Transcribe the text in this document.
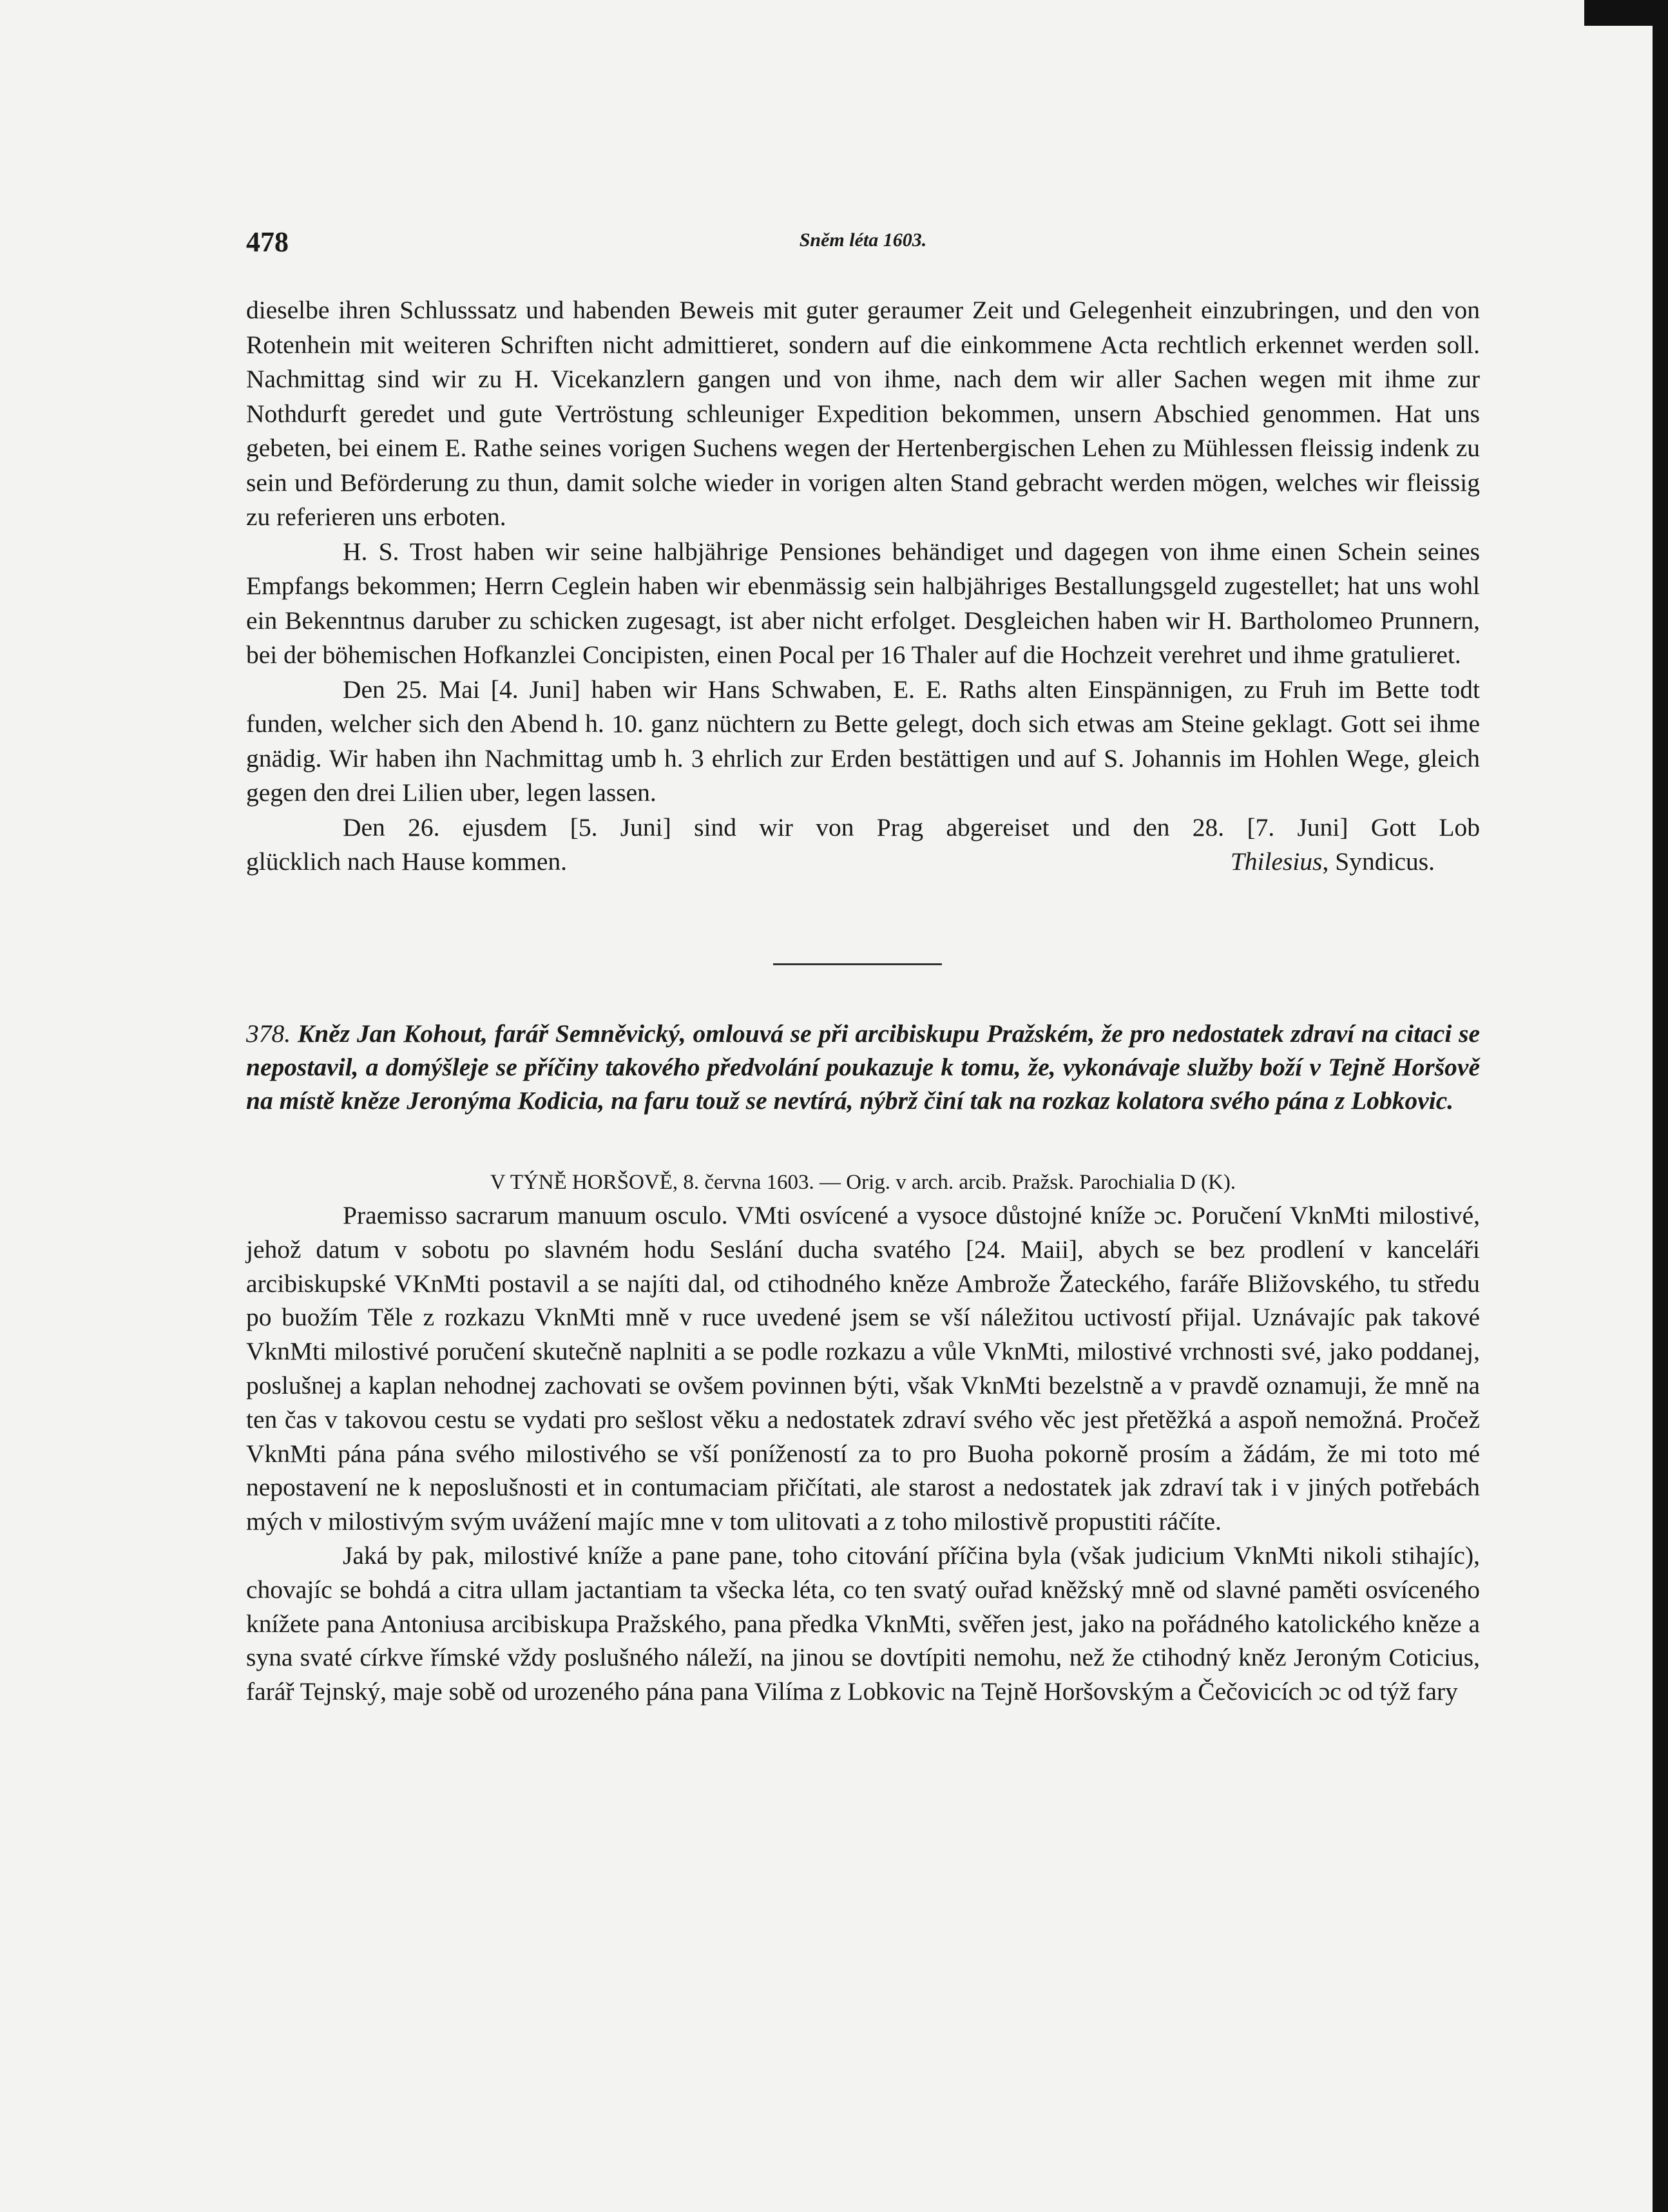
478	Sněm léta 1603.

dieselbe ihren Schlusssatz und habenden Beweis mit guter geraumer Zeit und Gelegenheit einzubringen, und den von Rotenhein mit weiteren Schriften nicht admittieret, sondern auf die einkommene Acta rechtlich erkennet werden soll. Nachmittag sind wir zu H. Vicekanzlern gangen und von ihme, nach dem wir aller Sachen wegen mit ihme zur Nothdurft geredet und gute Vertröstung schleuniger Expedition bekommen, unsern Abschied genommen. Hat uns gebeten, bei einem E. Rathe seines vorigen Suchens wegen der Hertenbergischen Lehen zu Mühlessen fleissig indenk zu sein und Beförderung zu thun, damit solche wieder in vorigen alten Stand gebracht werden mögen, welches wir fleissig zu referieren uns erboten.

H. S. Trost haben wir seine halbjährige Pensiones behändiget und dagegen von ihme einen Schein seines Empfangs bekommen; Herrn Ceglein haben wir ebenmässig sein halbjähriges Bestallungsgeld zugestellet; hat uns wohl ein Bekenntnus daruber zu schicken zugesagt, ist aber nicht erfolget. Desgleichen haben wir H. Bartholomeo Prunnern, bei der böhemischen Hofkanzlei Concipisten, einen Pocal per 16 Thaler auf die Hochzeit verehret und ihme gratulieret.

Den 25. Mai [4. Juni] haben wir Hans Schwaben, E. E. Raths alten Einspännigen, zu Fruh im Bette todt funden, welcher sich den Abend h. 10. ganz nüchtern zu Bette gelegt, doch sich etwas am Steine geklagt. Gott sei ihme gnädig. Wir haben ihn Nachmittag umb h. 3 ehrlich zur Erden bestättigen und auf S. Johannis im Hohlen Wege, gleich gegen den drei Lilien uber, legen lassen.

Den 26. ejusdem [5. Juni] sind wir von Prag abgereiset und den 28. [7. Juni] Gott Lob

glücklich nach Hause kommen.	Thilesius, Syndicus.
378. Kněz Jan Kohout, farář Semněvický, omlouvá se při arcibiskupu Pražském, že pro nedostatek zdraví na citaci se nepostavil, a domýšleje se příčiny takového předvolání poukazuje k tomu, že, vykonávaje služby boží v Tejně Horšově na místě kněze Jeronýma Kodicia, na faru touž se nevtírá, nýbrž činí tak na rozkaz kolatora svého pána z Lobkovic.
V TÝNĚ HORŠOVĚ, 8. června 1603. — Orig. v arch. arcib. Pražsk. Parochialia D (K).

Praemisso sacrarum manuum osculo. VMti osvícené a vysoce důstojné kníže ɔc. Poručení VknMti milostivé, jehož datum v sobotu po slavném hodu Seslání ducha svatého [24. Maii], abych se bez prodlení v kanceláři arcibiskupské VKnMti postavil a se najíti dal, od ctihodného kněze Ambrože Žateckého, faráře Bližovského, tu středu po buožím Těle z rozkazu VknMti mně v ruce uvedené jsem se vší náležitou uctivostí přijal. Uznávajíc pak takové VknMti milostivé poručení skutečně naplniti a se podle rozkazu a vůle VknMti, milostivé vrchnosti své, jako poddanej, poslušnej a kaplan nehodnej zachovati se ovšem povinnen býti, však VknMti bezelstně a v pravdě oznamuji, že mně na ten čas v takovou cestu se vydati pro sešlost věku a nedostatek zdraví svého věc jest přetěžká a aspoň nemožná. Pročež VknMti pána pána svého milostivého se vší ponížeností za to pro Buoha pokorně prosím a žádám, že mi toto mé nepostavení ne k neposlušnosti et in contumaciam přičítati, ale starost a nedostatek jak zdraví tak i v jiných potřebách mých v milostivým svým uvážení majíc mne v tom ulitovati a z toho milostivě propustiti ráčíte.

Jaká by pak, milostivé kníže a pane pane, toho citování příčina byla (však judicium VknMti nikoli stihajíc), chovajíc se bohdá a citra ullam jactantiam ta všecka léta, co ten svatý ouřad kněžský mně od slavné paměti osvíceného knížete pana Antoniusa arcibiskupa Pražského, pana předka VknMti, svěřen jest, jako na pořádného katolického kněze a syna svaté církve římské vždy poslušného náleží, na jinou se dovtípiti nemohu, než že ctihodný kněz Jeroným Coticius, farář Tejnský, maje sobě od urozeného pána pana Vilíma z Lobkovic na Tejně Horšovským a Čečovicích ɔc od týž fary
